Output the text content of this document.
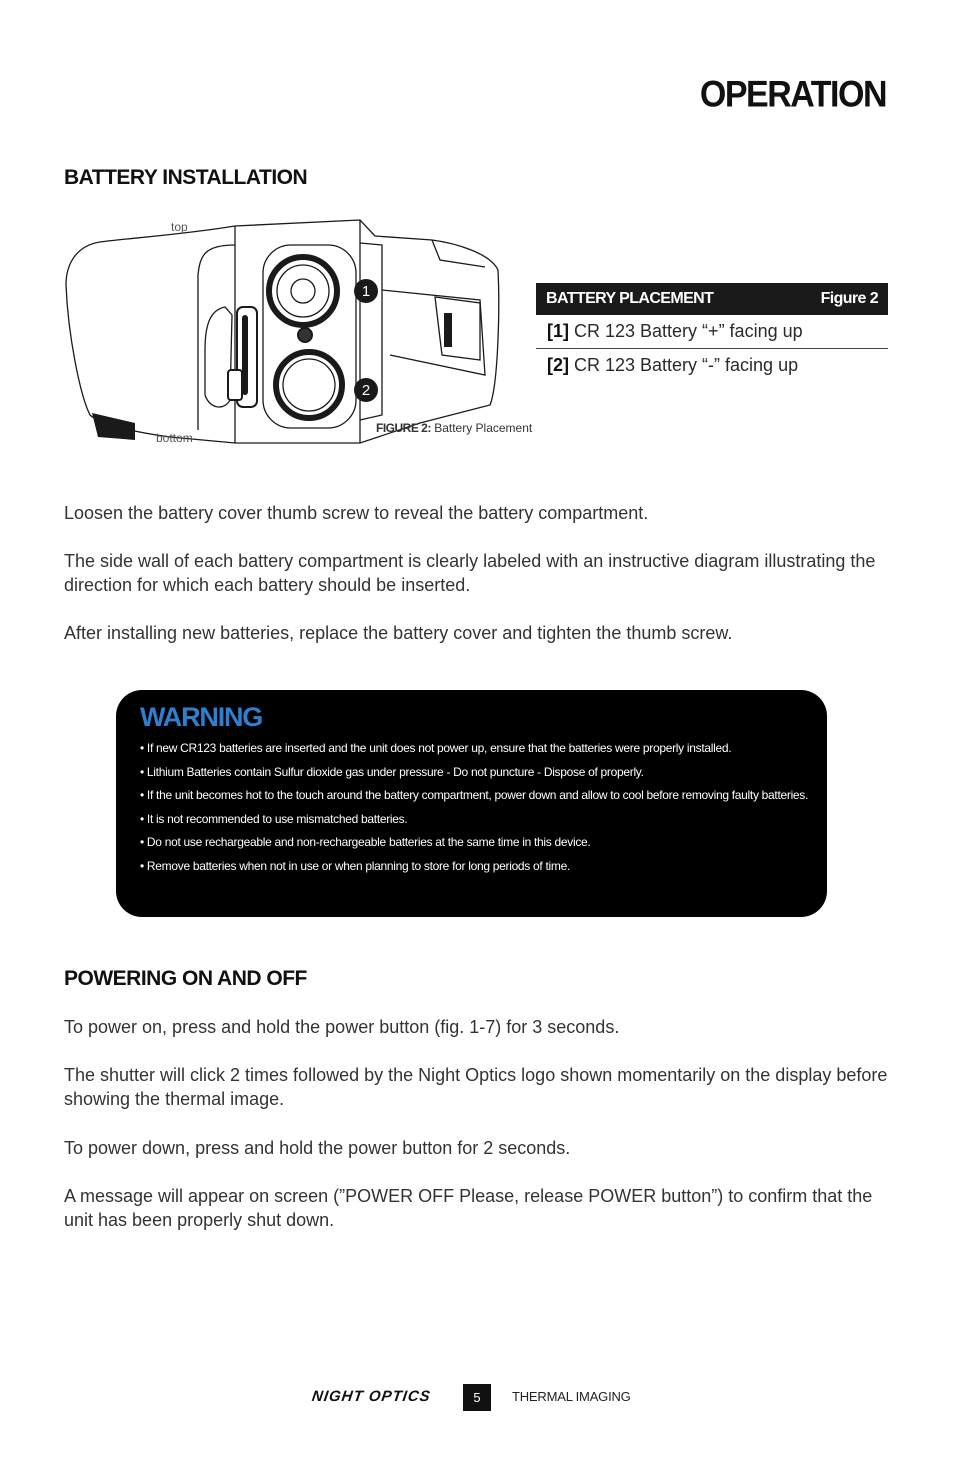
OPERATION
BATTERY INSTALLATION
1
2
top
bottom
FIGURE 2: Battery Placement
BATTERY PLACEMENT	Figure 2
[1] CR 123 Battery “+” facing up
[2] CR 123 Battery “-” facing up

Loosen the battery cover thumb screw to reveal the battery compartment.

The side wall of each battery compartment is clearly labeled with an instructive diagram illustrating the direction for which each battery should be inserted.

After installing new batteries, replace the battery cover and tighten the thumb screw.

WARNING
• If new CR123 batteries are inserted and the unit does not power up, ensure that the batteries were properly installed.
• Lithium Batteries contain Sulfur dioxide gas under pressure - Do not puncture - Dispose of properly.
• If the unit becomes hot to the touch around the battery compartment, power down and allow to cool before removing faulty batteries.
• It is not recommended to use mismatched batteries.
• Do not use rechargeable and non-rechargeable batteries at the same time in this device.
• Remove batteries when not in use or when planning to store for long periods of time.
POWERING ON AND OFF

To power on, press and hold the power button (fig. 1-7) for 3 seconds.

The shutter will click 2 times followed by the Night Optics logo shown momentarily on the display before showing the thermal image.

To power down, press and hold the power button for 2 seconds.

A message will appear on screen (”POWER OFF Please, release POWER button”) to confirm that the unit has been properly shut down.

NIGHT OPTICS	5	THERMAL IMAGING
